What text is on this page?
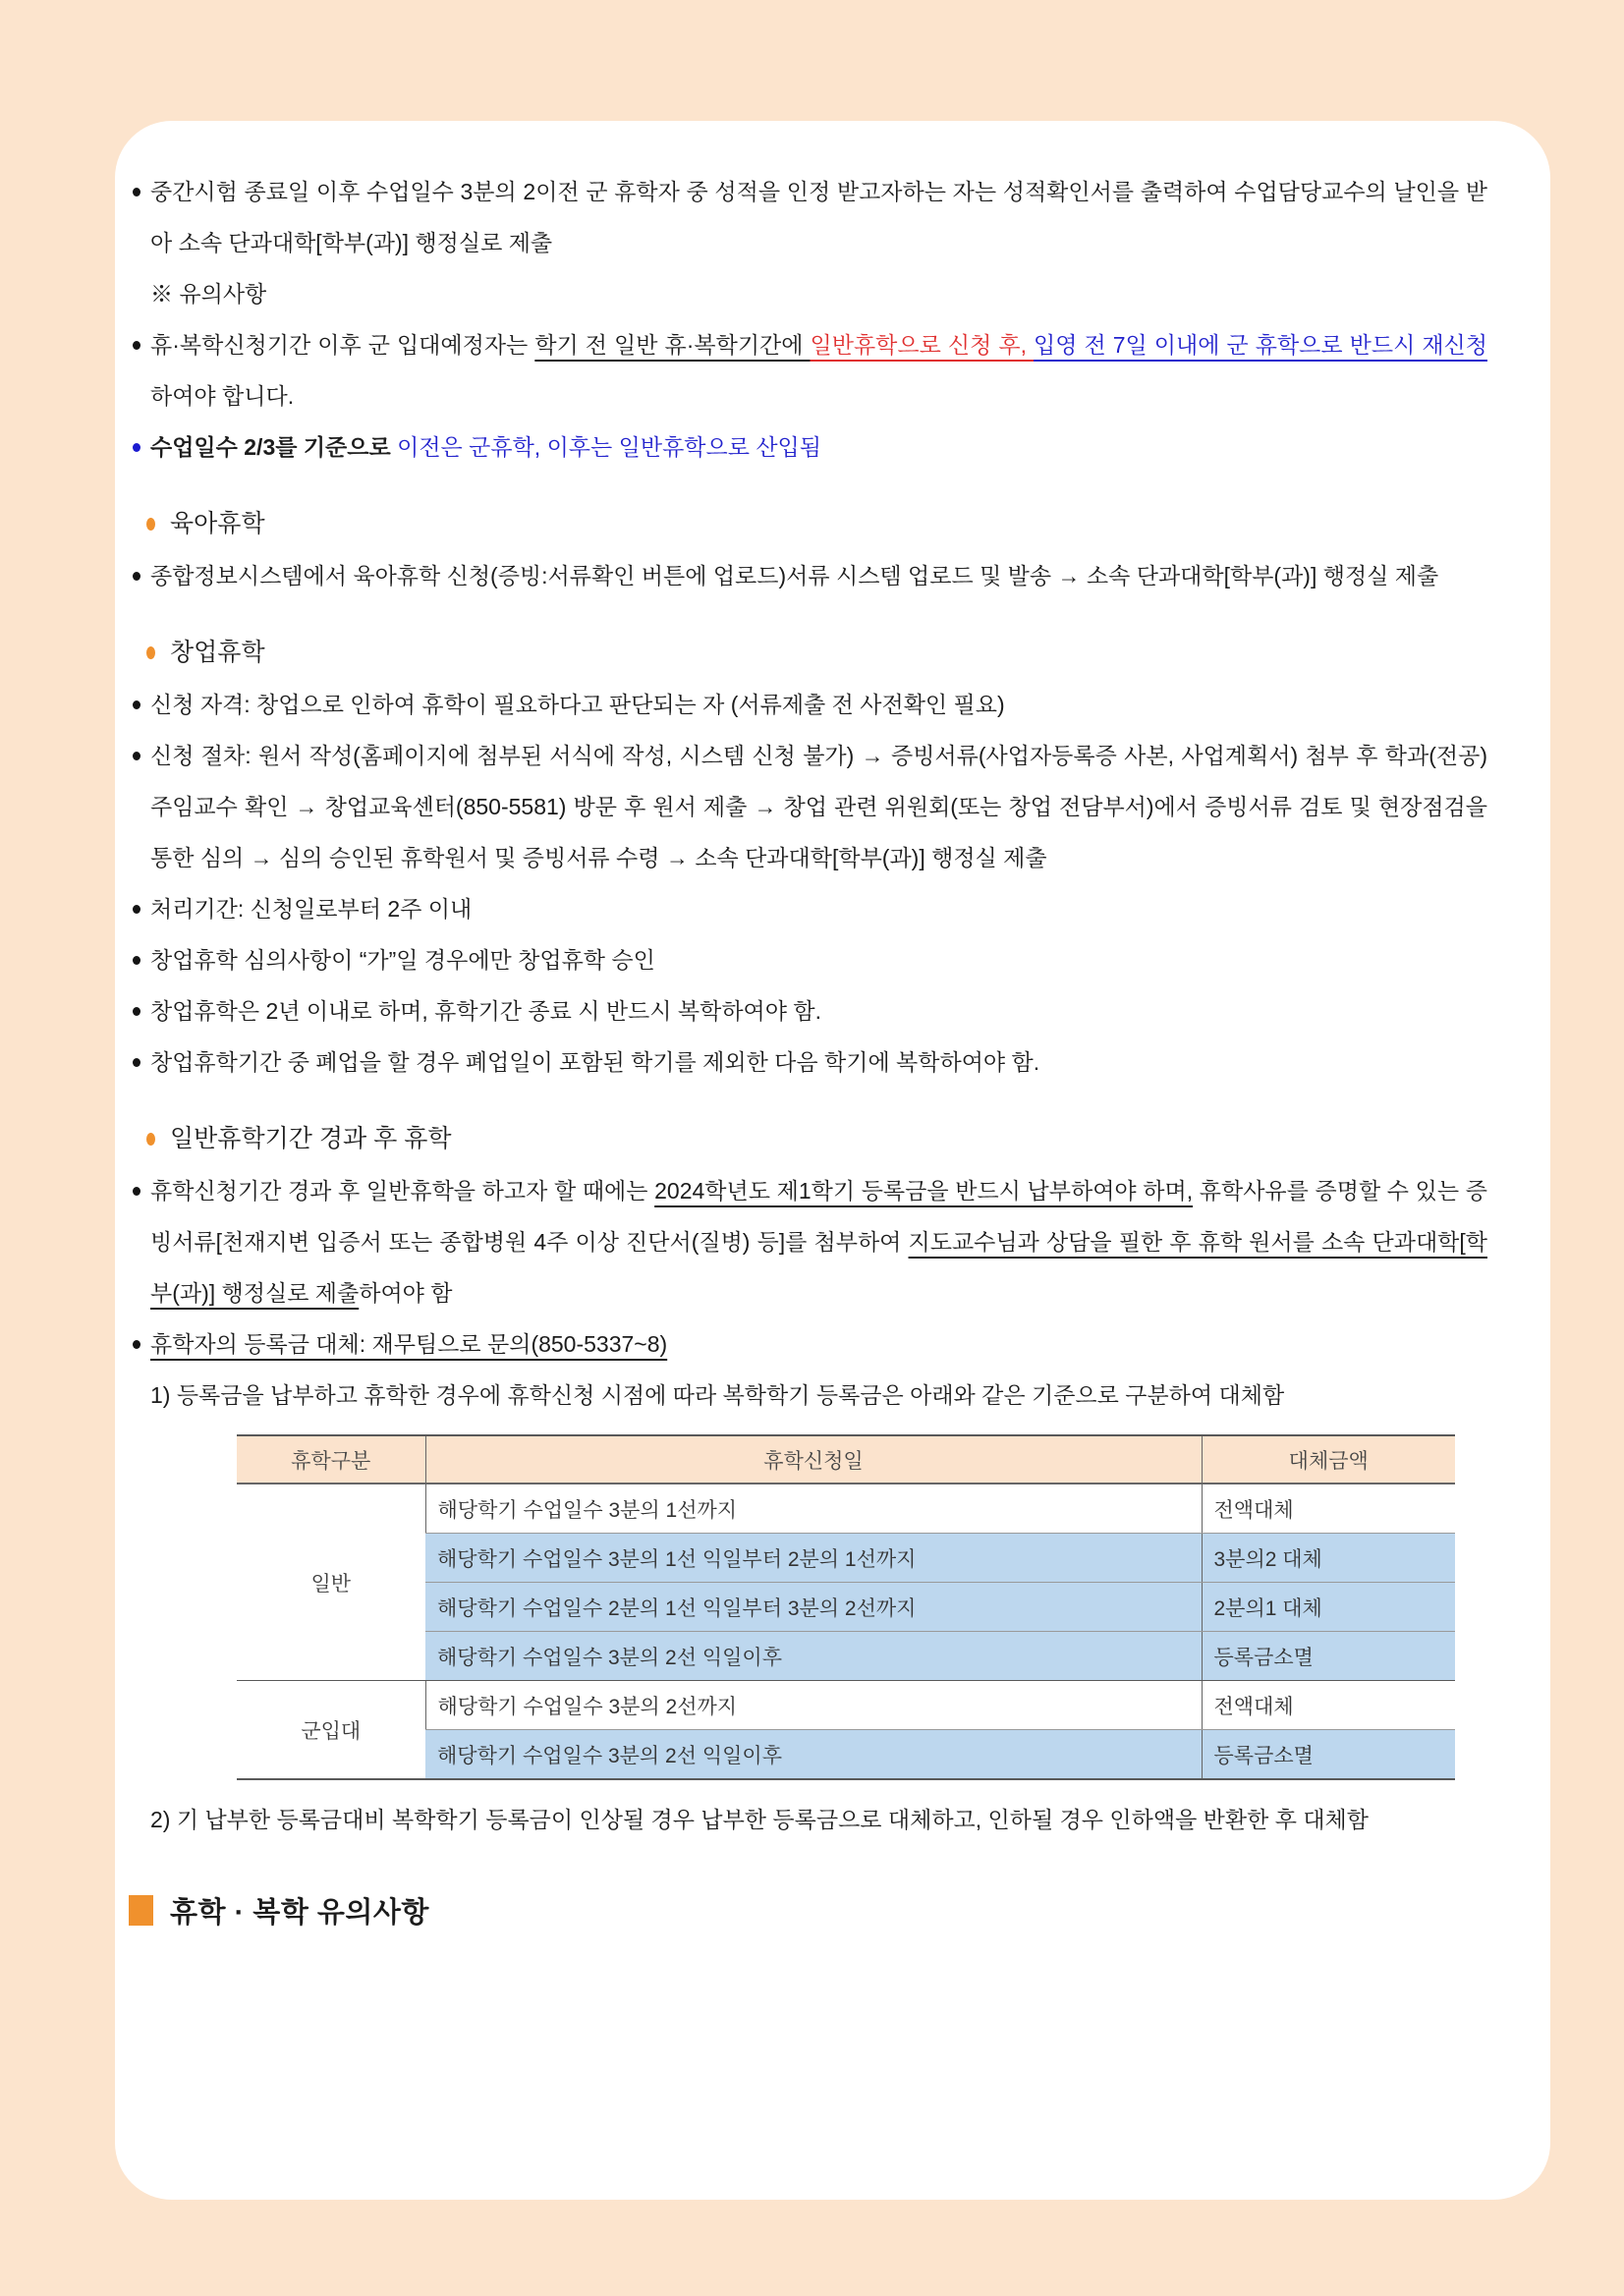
중간시험 종료일 이후 수업일수 3분의 2이전 군 휴학자 중 성적을 인정 받고자하는 자는 성적확인서를 출력하여 수업담당교수의 날인을 받아 소속 단과대학[학부(과)] 행정실로 제출
※ 유의사항
휴·복학신청기간 이후 군 입대예정자는 학기 전 일반 휴·복학기간에 일반휴학으로 신청 후, 입영 전 7일 이내에 군 휴학으로 반드시 재신청하여야 합니다.
수업일수 2/3를 기준으로 이전은 군휴학, 이후는 일반휴학으로 산입됨
육아휴학
종합정보시스템에서 육아휴학 신청(증빙:서류확인 버튼에 업로드)서류 시스템 업로드 및 발송 → 소속 단과대학[학부(과)] 행정실 제출
창업휴학
신청 자격: 창업으로 인하여 휴학이 필요하다고 판단되는 자 (서류제출 전 사전확인 필요)
신청 절차: 원서 작성(홈페이지에 첨부된 서식에 작성, 시스템 신청 불가) → 증빙서류(사업자등록증 사본, 사업계획서) 첨부 후 학과(전공)주임교수 확인 → 창업교육센터(850-5581) 방문 후 원서 제출 → 창업 관련 위원회(또는 창업 전담부서)에서 증빙서류 검토 및 현장점검을 통한 심의 → 심의 승인된 휴학원서 및 증빙서류 수령 → 소속 단과대학[학부(과)] 행정실 제출
처리기간: 신청일로부터 2주 이내
창업휴학 심의사항이 “가”일 경우에만 창업휴학 승인
창업휴학은 2년 이내로 하며, 휴학기간 종료 시 반드시 복학하여야 함.
창업휴학기간 중 폐업을 할 경우 폐업일이 포함된 학기를 제외한 다음 학기에 복학하여야 함.
일반휴학기간 경과 후 휴학
휴학신청기간 경과 후 일반휴학을 하고자 할 때에는 2024학년도 제1학기 등록금을 반드시 납부하여야 하며, 휴학사유를 증명할 수 있는 증빙서류[천재지변 입증서 또는 종합병원 4주 이상 진단서(질병) 등]를 첨부하여 지도교수님과 상담을 필한 후 휴학 원서를 소속 단과대학[학부(과)] 행정실로 제출하여야 함
휴학자의 등록금 대체: 재무팀으로 문의(850-5337~8)
1) 등록금을 납부하고 휴학한 경우에 휴학신청 시점에 따라 복학학기 등록금은 아래와 같은 기준으로 구분하여 대체함
휴학구분	휴학신청일	대체금액
일반	해당학기 수업일수 3분의 1선까지	전액대체
	해당학기 수업일수 3분의 1선 익일부터 2분의 1선까지	3분의2 대체
	해당학기 수업일수 2분의 1선 익일부터 3분의 2선까지	2분의1 대체
	해당학기 수업일수 3분의 2선 익일이후	등록금소멸
군입대	해당학기 수업일수 3분의 2선까지	전액대체
	해당학기 수업일수 3분의 2선 익일이후	등록금소멸
2) 기 납부한 등록금대비 복학학기 등록금이 인상될 경우 납부한 등록금으로 대체하고, 인하될 경우 인하액을 반환한 후 대체함
휴학 · 복학 유의사항
